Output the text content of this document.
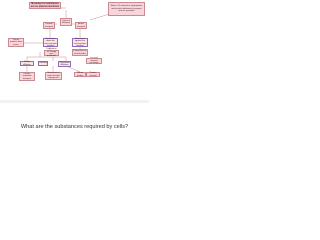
Movement of substances across plasma membrane
Types of transport
Passive transport
Active transport
Water, O2 molecules, hydrophobic and neutral substances transport and are passable
Carrier proteins form pores
Movement down the concentration gradient
Movement against the concentration gradient
Dependent on energy non-metabolic
Dependent on mitochondria
Simple diffusion
Osmosis	Facilitated diffusion
Ion and channel exchange
Carrier-mediated transport
Movement of water through aquaporins
Carrier protein
Protein channel
What are the substances required by cells?
